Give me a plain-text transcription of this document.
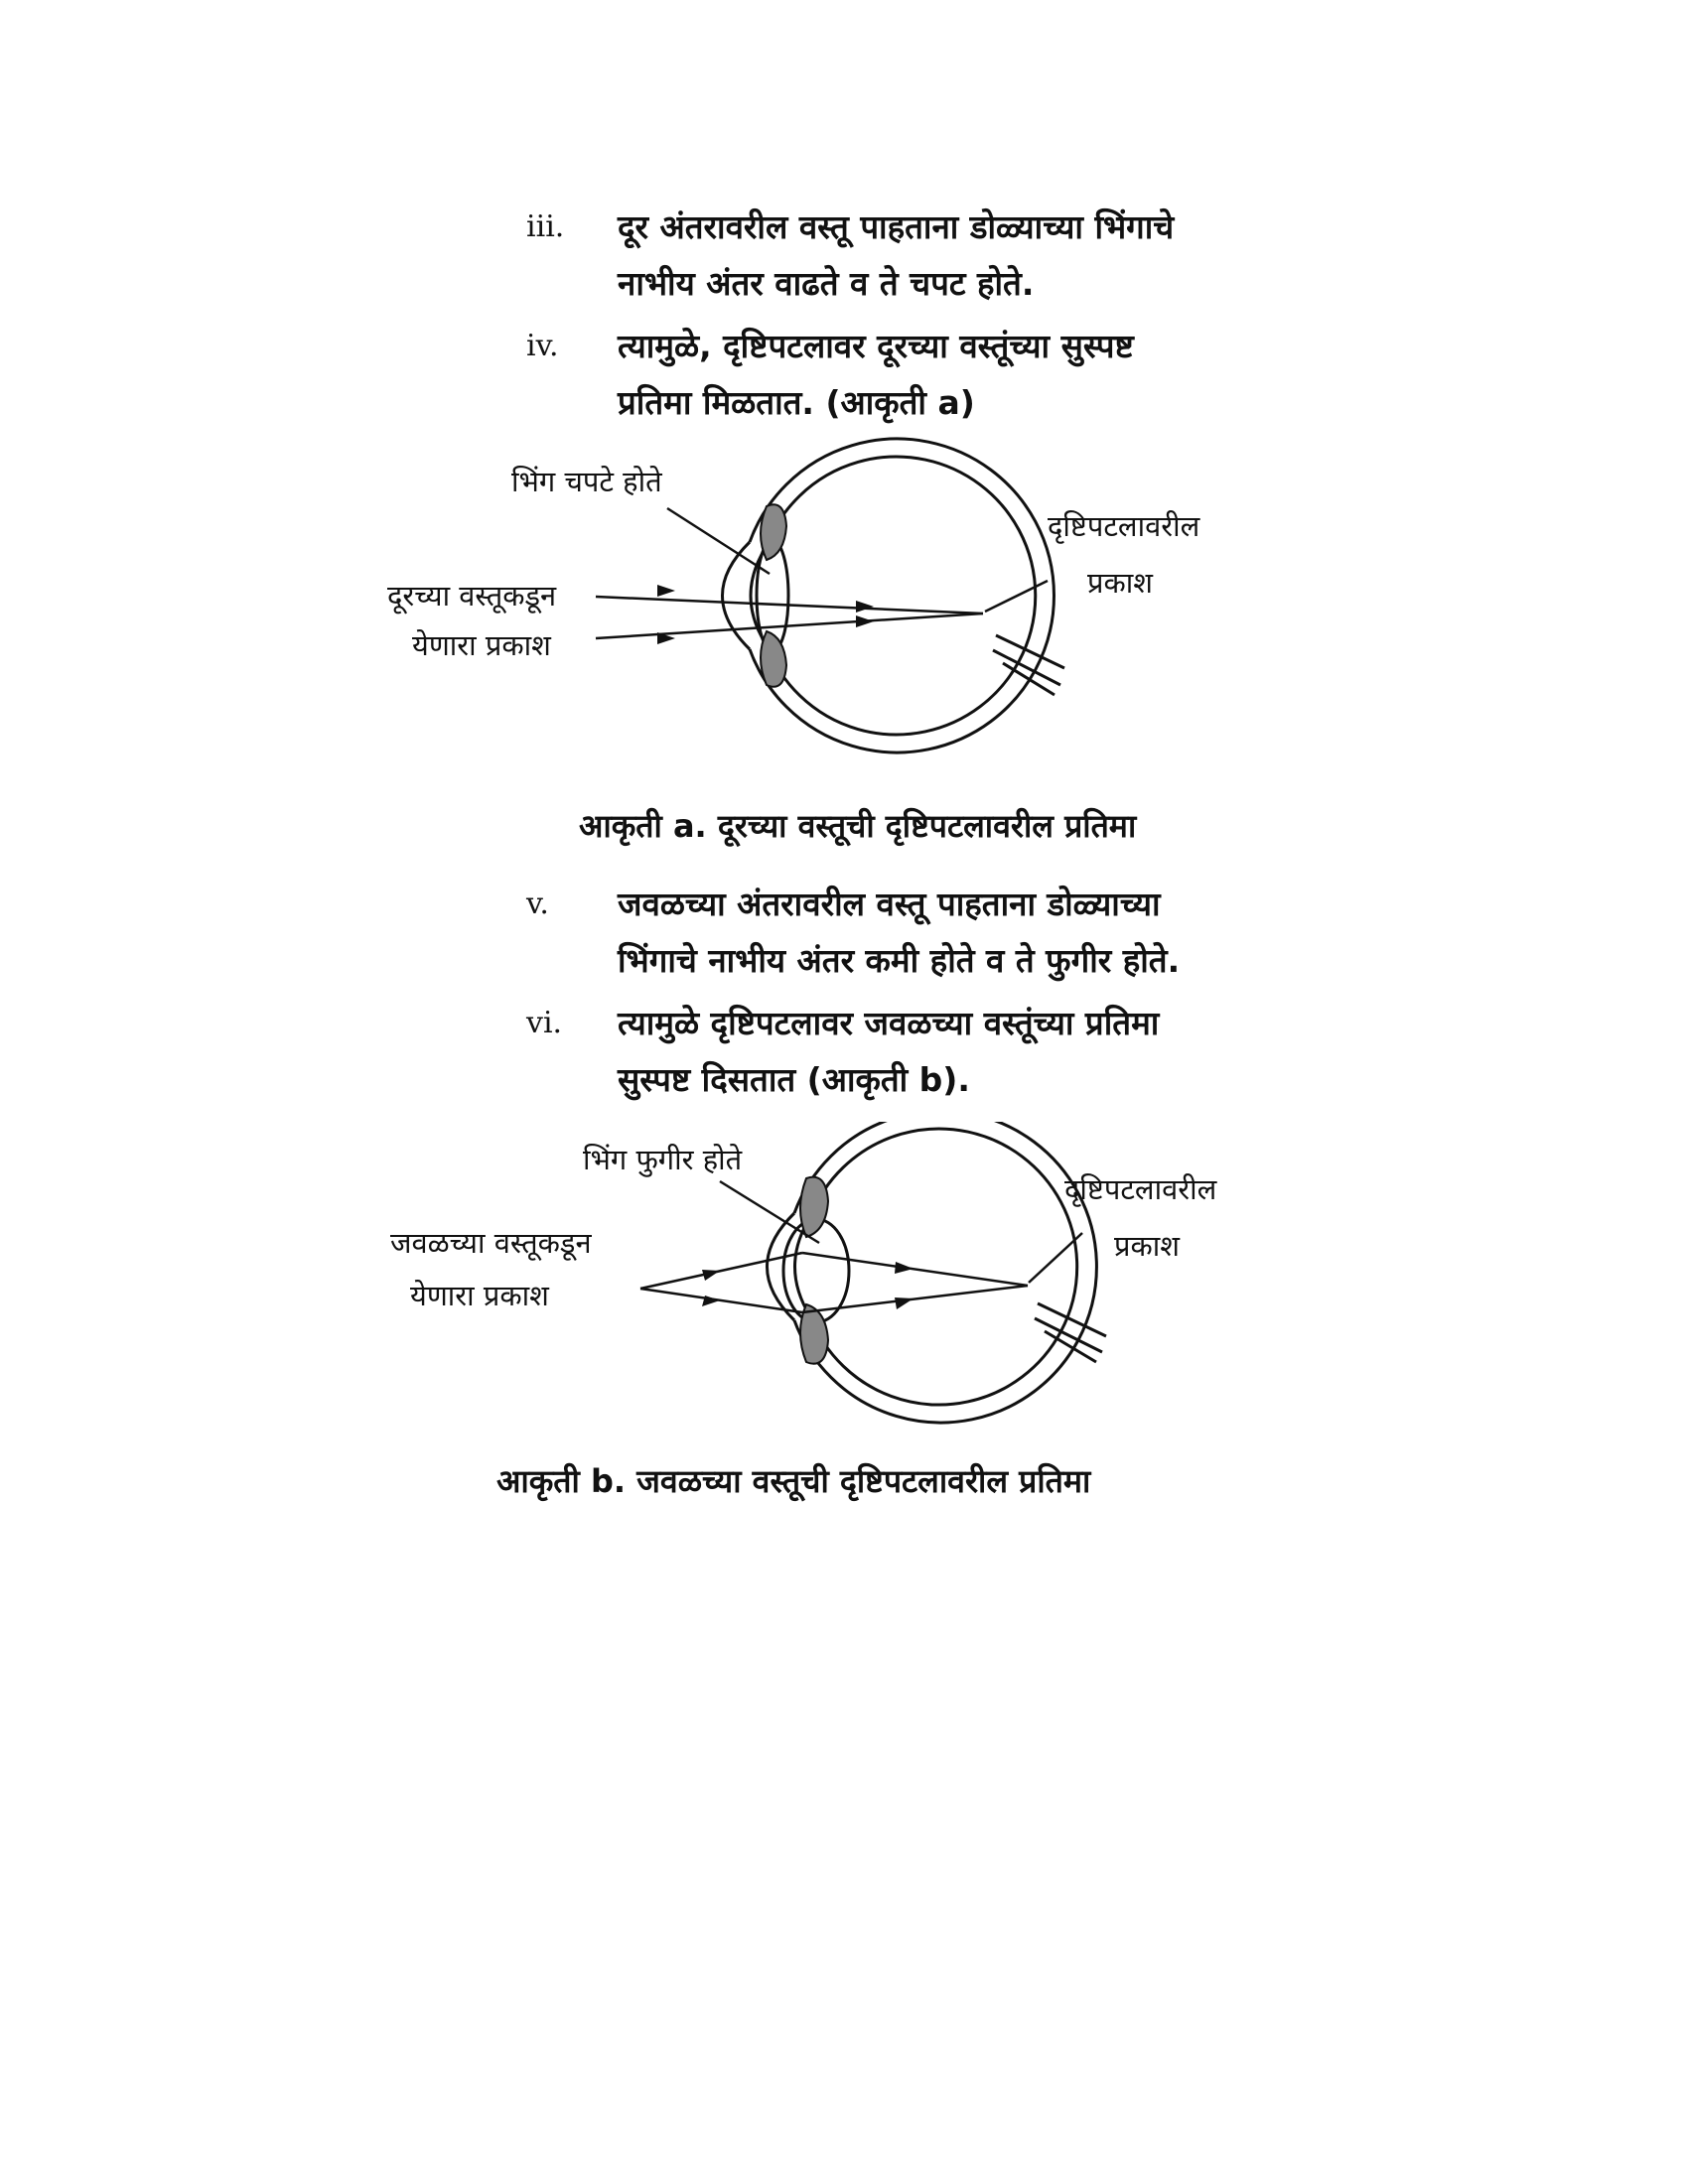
iii. दूर अंतरावरील वस्तू पाहताना डोळ्याच्या भिंगाचे
नाभीय अंतर वाढते व ते चपट होते.
iv. त्यामुळे, दृष्टिपटलावर दूरच्या वस्तूंच्या सुस्पष्ट
प्रतिमा मिळतात. (आकृती a)
भिंग चपटे होते
दूरच्या वस्तूकडून
येणारा प्रकाश
दृष्टिपटलावरील
प्रकाश
आकृती a. दूरच्या वस्तूची दृष्टिपटलावरील प्रतिमा
v. जवळच्या अंतरावरील वस्तू पाहताना डोळ्याच्या
भिंगाचे नाभीय अंतर कमी होते व ते फुगीर होते.
vi. त्यामुळे दृष्टिपटलावर जवळच्या वस्तूंच्या प्रतिमा
सुस्पष्ट दिसतात (आकृती b).
भिंग फुगीर होते
जवळच्या वस्तूकडून
येणारा प्रकाश
दृष्टिपटलावरील
प्रकाश
आकृती b. जवळच्या वस्तूची दृष्टिपटलावरील प्रतिमा
